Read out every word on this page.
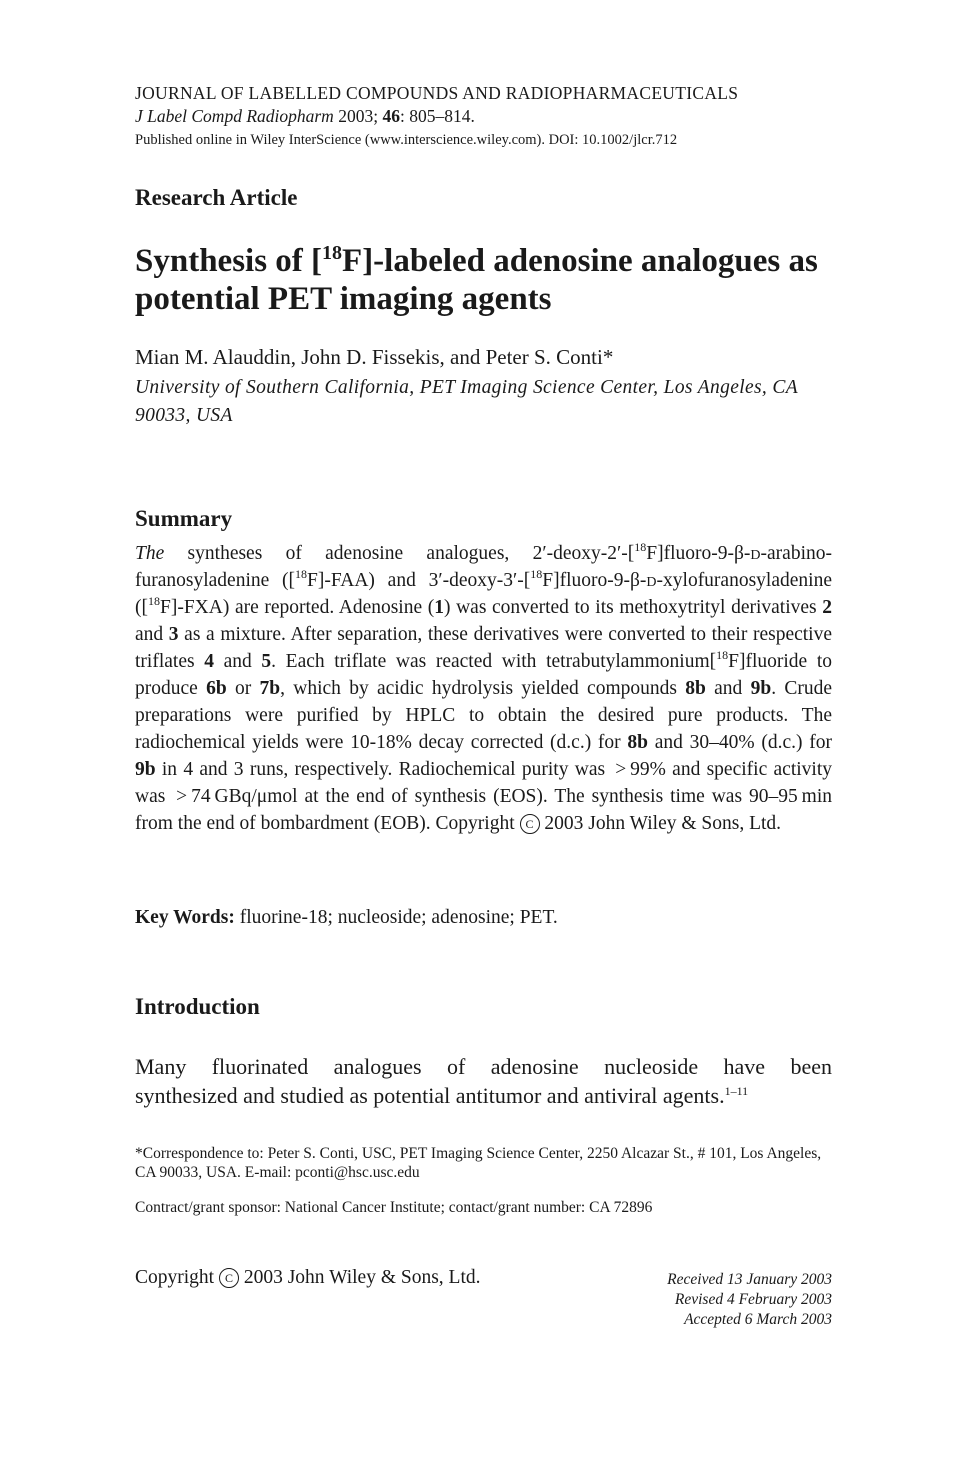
JOURNAL OF LABELLED COMPOUNDS AND RADIOPHARMACEUTICALS
J Label Compd Radiopharm 2003; 46: 805–814.
Published online in Wiley InterScience (www.interscience.wiley.com). DOI: 10.1002/jlcr.712
Research Article
Synthesis of [$^{18}$F]-labeled adenosine analogues as potential PET imaging agents
Mian M. Alauddin, John D. Fissekis, and Peter S. Conti*
University of Southern California, PET Imaging Science Center, Los Angeles, CA 90033, USA
Summary
The syntheses of adenosine analogues, 2′-deoxy-2′-[$^{18}$F]fluoro-9-β-d-arabinofuranosyladenine ([$^{18}$F]-FAA) and 3′-deoxy-3′-[$^{18}$F]fluoro-9-β-d-xylofuranosyladenine ([$^{18}$F]-FXA) are reported. Adenosine (1) was converted to its methoxytrityl derivatives 2 and 3 as a mixture. After separation, these derivatives were converted to their respective triflates 4 and 5. Each triflate was reacted with tetrabutylammonium[$^{18}$F]fluoride to produce 6b or 7b, which by acidic hydrolysis yielded compounds 8b and 9b. Crude preparations were purified by HPLC to obtain the desired pure products. The radiochemical yields were 10-18% decay corrected (d.c.) for 8b and 30–40% (d.c.) for 9b in 4 and 3 runs, respectively. Radiochemical purity was  > 99% and specific activity was  > 74 GBq/μmol at the end of synthesis (EOS). The synthesis time was 90–95 min from the end of bombardment (EOB). Copyright C 2003 John Wiley & Sons, Ltd.
Key Words: fluorine-18; nucleoside; adenosine; PET.
Introduction
Many fluorinated analogues of adenosine nucleoside have been
synthesized and studied as potential antitumor and antiviral agents.$^{1-11}$
*Correspondence to: Peter S. Conti, USC, PET Imaging Science Center, 2250 Alcazar St., # 101, Los Angeles, CA 90033, USA. E-mail: pconti@hsc.usc.edu
Contract/grant sponsor: National Cancer Institute; contact/grant number: CA 72896
Copyright C 2003 John Wiley & Sons, Ltd.	Received 13 January 2003
Revised 4 February 2003
Accepted 6 March 2003
